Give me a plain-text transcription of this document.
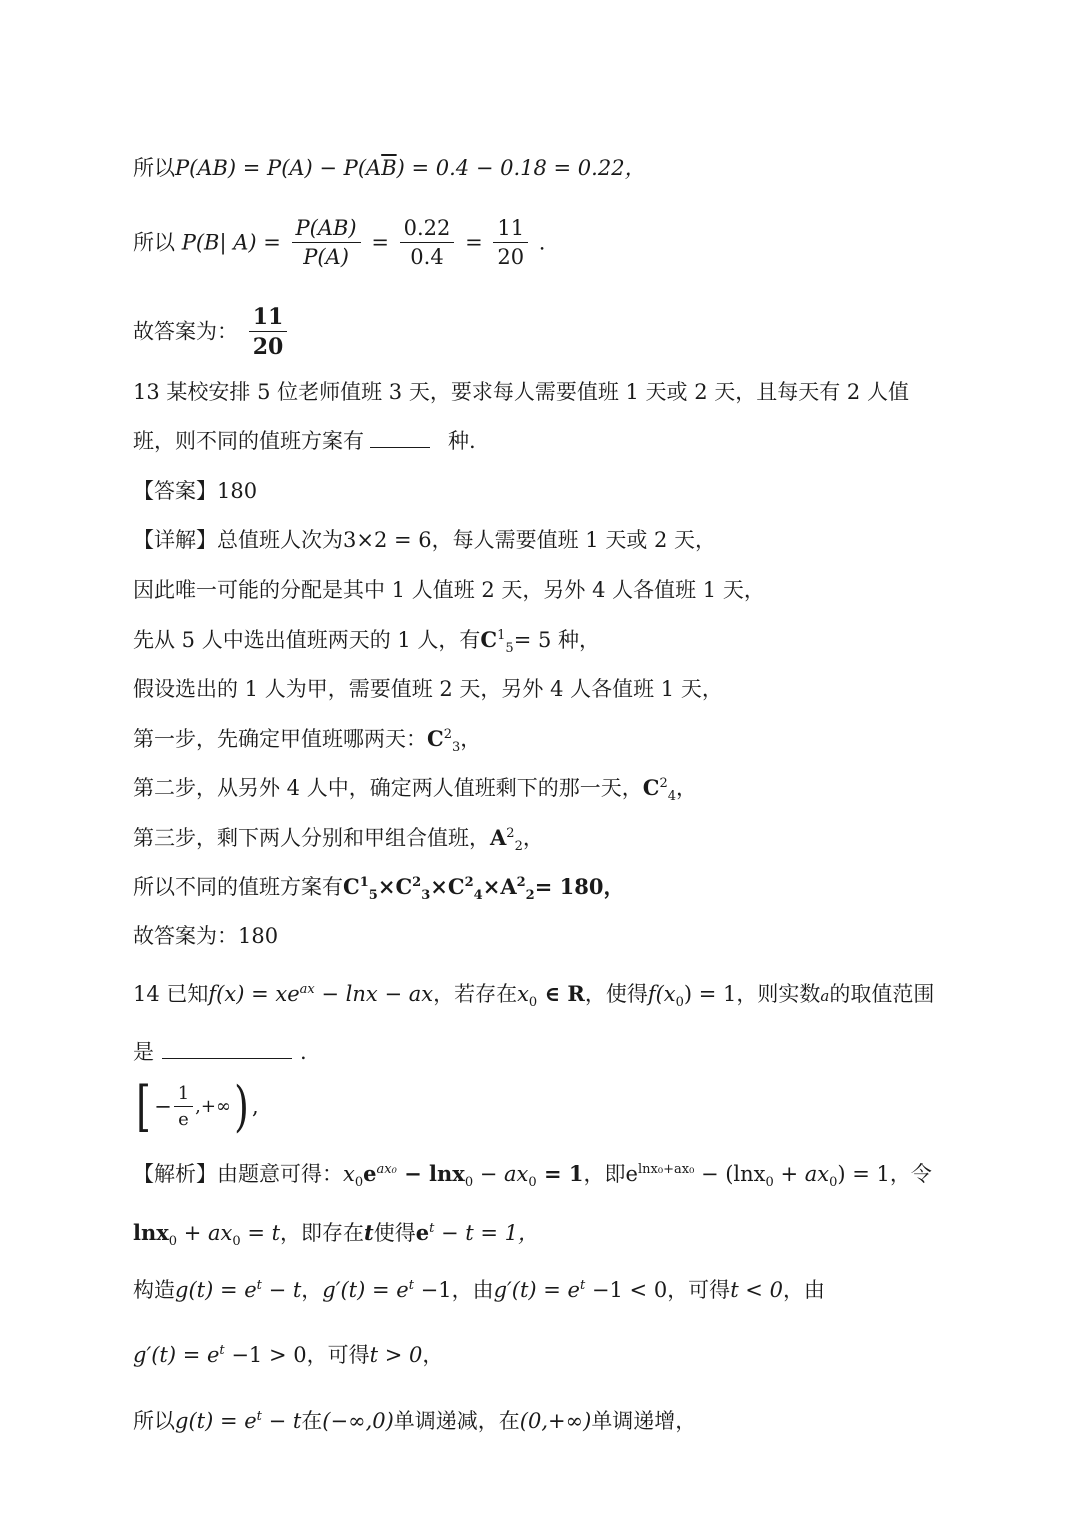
所以$P(AB) = P(A) - P(A\overline{B}) = 0.4 - 0.18 = 0.22$，
所以 P(B| $A) = \frac{P(AB)}{P(A)} = \frac{0.22}{0.4} = \frac{11}{20}$ .
故答案为： $\frac{11}{20}$
13 某校安排 5 位老师值班 3 天，要求每人需要值班 1 天或 2 天，且每天有 2 人值
班，则不同的值班方案有	种.
【答案】180
【详解】总值班人次为3×2 = 6，每人需要值班 1 天或 2 天，
因此唯一可能的分配是其中 1 人值班 2 天，另外 4 人各值班 1 天，
先从 5 人中选出值班两天的 1 人，有$C^1_5= 5$ 种，
假设选出的 1 人为甲，需要值班 2 天，另外 4 人各值班 1 天，
第一步，先确定甲值班哪两天：$C^2_3$，
第二步，从另外 4 人中，确定两人值班剩下的那一天，$C^2_4$，
第三步，剩下两人分别和甲组合值班，$A^2_2$，
所以不同的值班方案有$C^1_5\times C^2_3\times C^2_4\times A^2_2= 180$，
故答案为：180
14 已知$f(x) = xe^{ax} - \ln x$ − ax，若存在$x_0$ ∈ R，使得$f(x_0) = 1$，则实数a的取值范围
是	.
[ − $\frac{1}{e}$ ,+∞) ,
【解析】由题意可得：$x_0e^{ax_0} - \ln x_0 - ax_0 = 1$，即$e^{lnx_0+ax_0} - (\ln x_0 + ax_0) = 1$，令
$\ln x_0 + ax_0 = t$，即存在t使得$e^t - t = 1$，
构造$g(t) = e^t - t$，$g'(t) = e^t -1$，由$g'(t) = e^t -1 < 0$，可得t < 0，由
$g'(t) = e^t -1 > 0$，可得t > 0，
所以$g(t) = e^t - t$在(−∞,0)单调递减，在(0,+∞)单调递增，
